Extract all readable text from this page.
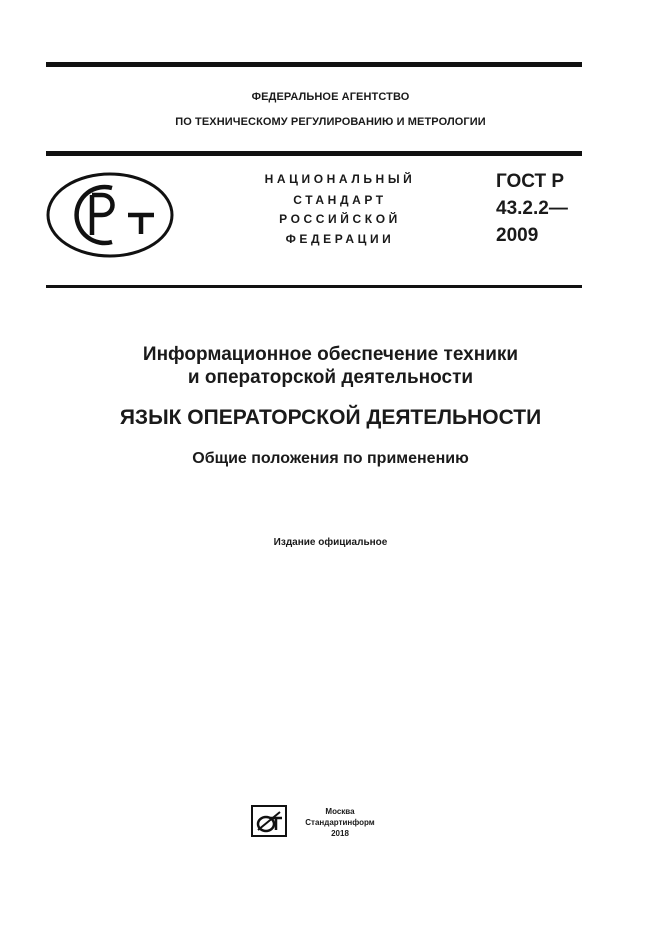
ФЕДЕРАЛЬНОЕ АГЕНТСТВО
ПО ТЕХНИЧЕСКОМУ РЕГУЛИРОВАНИЮ И МЕТРОЛОГИИ
НАЦИОНАЛЬНЫЙ
СТАНДАРТ
РОССИЙСКОЙ
ФЕДЕРАЦИИ
ГОСТ Р
43.2.2—
2009
Информационное обеспечение техники
и операторской деятельности
ЯЗЫК ОПЕРАТОРСКОЙ ДЕЯТЕЛЬНОСТИ
Общие положения по применению
Издание официальное
Москва
Стандартинформ
2018
